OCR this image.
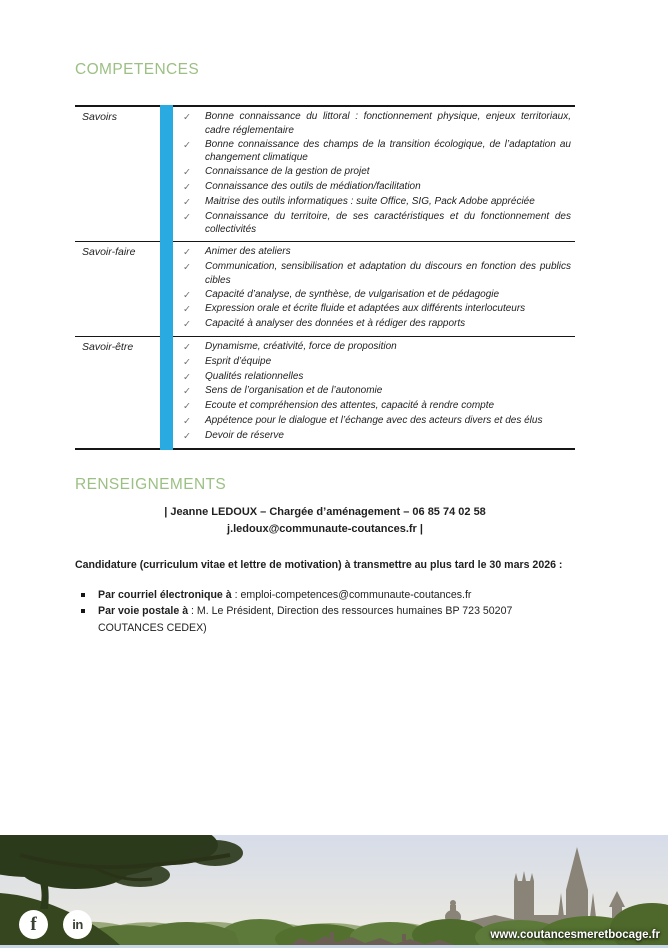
COMPETENCES
Savoirs	✓	Bonne connaissance du littoral : fonctionnement physique, enjeux territoriaux, cadre réglementaire
✓	Bonne connaissance des champs de la transition écologique, de l’adaptation au changement climatique
✓	Connaissance de la gestion de projet
✓	Connaissance des outils de médiation/facilitation
✓	Maitrise des outils informatiques : suite Office, SIG, Pack Adobe appréciée
✓	Connaissance du territoire, de ses caractéristiques et du fonctionnement des collectivités
Savoir-faire	✓	Animer des ateliers
✓	Communication, sensibilisation et adaptation du discours en fonction des publics cibles
✓	Capacité d’analyse, de synthèse, de vulgarisation et de pédagogie
✓	Expression orale et écrite fluide et adaptées aux différents interlocuteurs
✓	Capacité à analyser des données et à rédiger des rapports
Savoir-être	✓	Dynamisme, créativité, force de proposition
✓	Esprit d’équipe
✓	Qualités relationnelles
✓	Sens de l’organisation et de l’autonomie
✓	Ecoute et compréhension des attentes, capacité à rendre compte
✓	Appétence pour le dialogue et l’échange avec des acteurs divers et des élus
✓	Devoir de réserve
RENSEIGNEMENTS

| Jeanne LEDOUX – Chargée d’aménagement – 06 85 74 02 58

j.ledoux@communaute-coutances.fr |

Candidature (curriculum vitae et lettre de motivation) à transmettre au plus tard le 30 mars 2026 :

Par courriel électronique à : emploi-competences@communaute-coutances.fr
Par voie postale à : M. Le Président, Direction des ressources humaines BP 723 50207 COUTANCES CEDEX)
f	in
www.coutancesmeretbocage.fr
